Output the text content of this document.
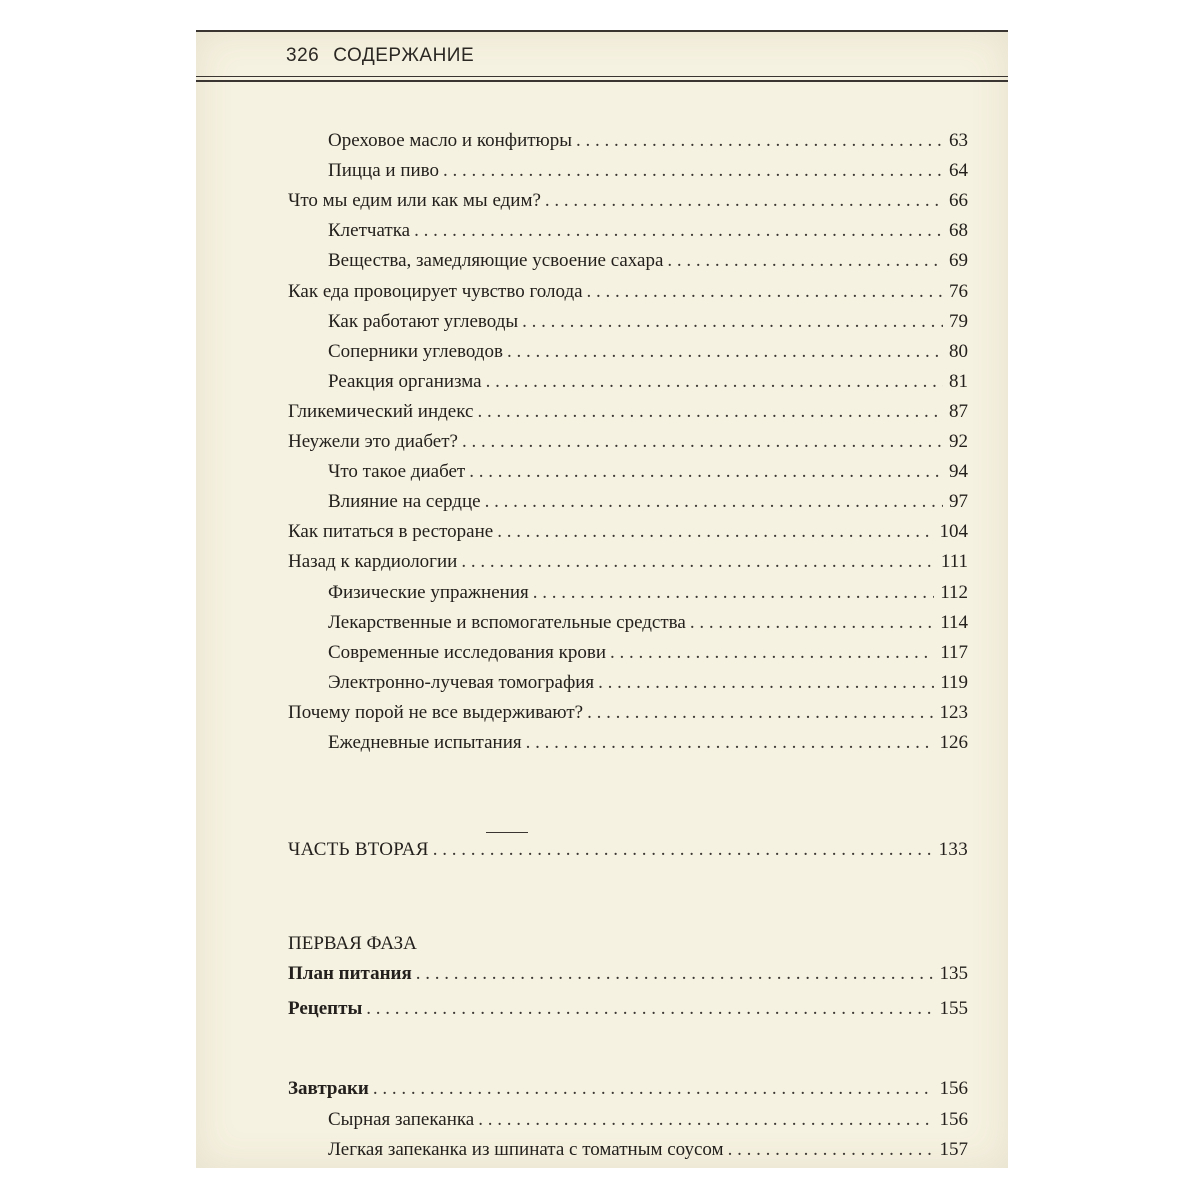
326 СОДЕРЖАНИЕ
ПЕРВАЯ ФАЗА
Ореховое масло и конфитюры . . .	63
Пицца и пиво . . .	64
Что мы едим или как мы едим? . . .	66
Клетчатка . . .	68
Вещества, замедляющие усвоение сахара . . .	69
Как еда провоцирует чувство голода . . .	76
Как работают углеводы . . .	79
Соперники углеводов . . .	80
Реакция организма . . .	81
Гликемический индекс . . .	87
Неужели это диабет? . . .	92
Что такое диабет . . .	94
Влияние на сердце . . .	97
Как питаться в ресторане . . .	104
Назад к кардиологии . . .	111
Физические упражнения . . .	112
Лекарственные и вспомогательные средства . . .	114
Современные исследования крови . . .	117
Электронно-лучевая томография . . .	119
Почему порой не все выдерживают? . . .	123
Ежедневные испытания . . .	126
ЧАСТЬ ВТОРАЯ . . .	133
План питания . . .	135
Рецепты . . .	155
Завтраки . . .	156
Сырная запеканка . . .	156
Легкая запеканка из шпината с томатным соусом . . .	157
